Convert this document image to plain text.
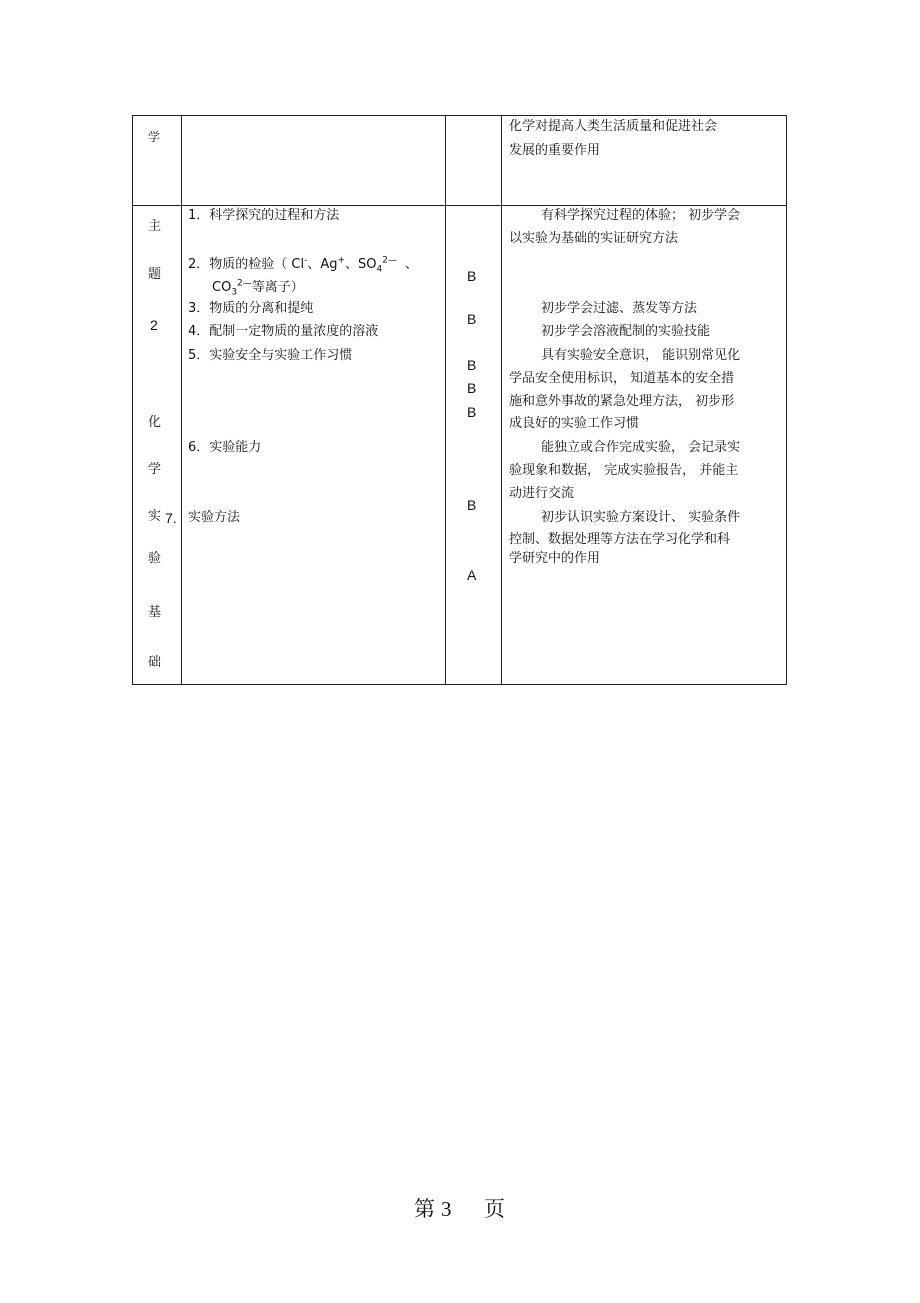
学
化学对提高人类生活质量和促进社会
发展的重要作用
主
题
2
化
学
实
验
基
础
1．科学探究的过程和方法
2．物质的检验（ Cl-、Ag+、$SO_4^{2—}$ 、
$CO_3^{2—}$等离子）
3．物质的分离和提纯
4．配制一定物质的量浓度的溶液
5．实验安全与实验工作习惯
6．实验能力
7. 实验方法
B
B
B
B
B
B
A
有科学探究过程的体验； 初步学会
以实验为基础的实证研究方法
初步学会过滤、蒸发等方法
初步学会溶液配制的实验技能
具有实验安全意识， 能识别常见化
学品安全使用标识， 知道基本的安全措
施和意外事故的紧急处理方法， 初步形
成良好的实验工作习惯
能独立或合作完成实验， 会记录实
验现象和数据， 完成实验报告， 并能主
动进行交流
初步认识实验方案设计、 实验条件
控制、数据处理等方法在学习化学和科
学研究中的作用
第 3 页
